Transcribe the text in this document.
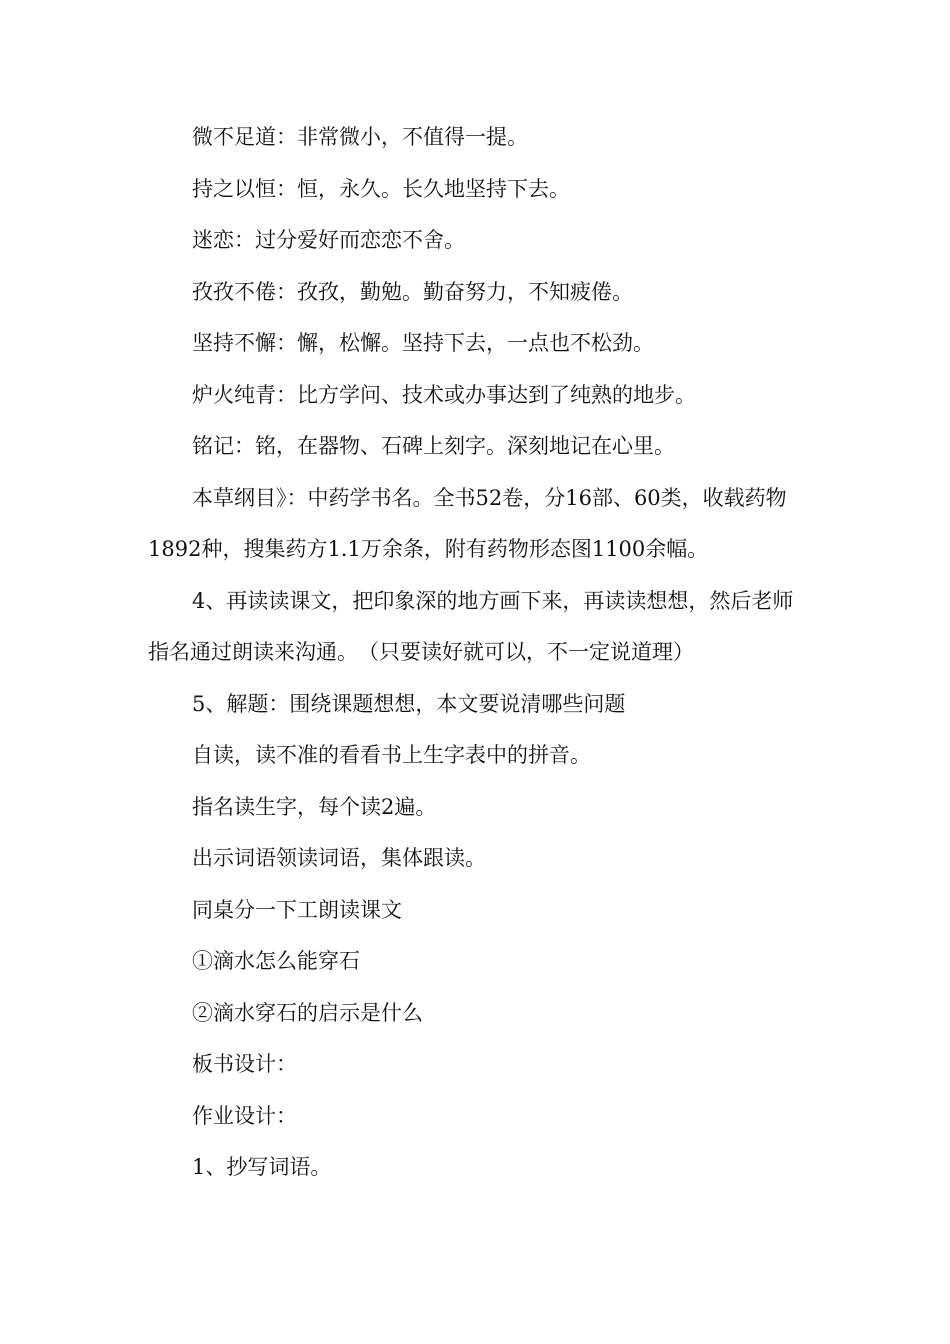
微不足道：非常微小，不值得一提。

持之以恒：恒，永久。长久地坚持下去。

迷恋：过分爱好而恋恋不舍。

孜孜不倦：孜孜，勤勉。勤奋努力，不知疲倦。

坚持不懈：懈，松懈。坚持下去，一点也不松劲。

炉火纯青：比方学问、技术或办事达到了纯熟的地步。

铭记：铭，在器物、石碑上刻字。深刻地记在心里。

本草纲目》：中药学书名。全书52卷，分16部、60类，收载药物1892种，搜集药方1.1万余条，附有药物形态图1100余幅。

4、再读读课文，把印象深的地方画下来，再读读想想，然后老师指名通过朗读来沟通。　（只要读好就可以，不一定说道理）

5、解题：围绕课题想想，本文要说清哪些问题

自读，读不准的看看书上生字表中的拼音。

指名读生字，每个读2遍。

出示词语领读词语，集体跟读。

同桌分一下工朗读课文

①滴水怎么能穿石

②滴水穿石的启示是什么

板书设计：

作业设计：

1、抄写词语。
